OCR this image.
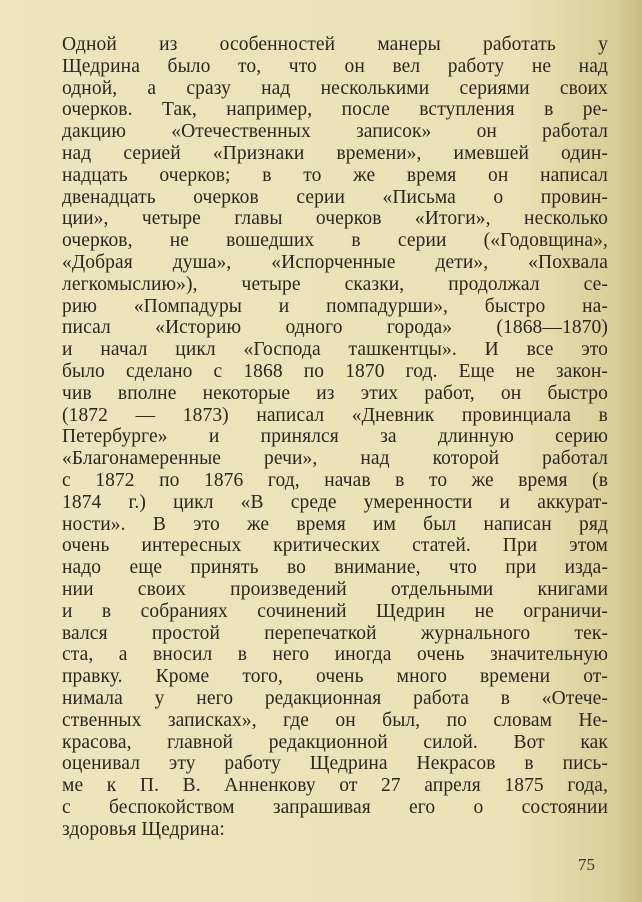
Одной из особенностей манеры работать у
Щедрина было то, что он вел работу не над
одной, а сразу над несколькими сериями своих
очерков. Так, например, после вступления в ре-
дакцию «Отечественных записок» он работал
над серией «Признаки времени», имевшей один-
надцать очерков; в то же время он написал
двенадцать очерков серии «Письма о провин-
ции», четыре главы очерков «Итоги», несколько
очерков, не вошедших в серии («Годовщина»,
«Добрая душа», «Испорченные дети», «Похвала
легкомыслию»), четыре сказки, продолжал се-
рию «Помпадуры и помпадурши», быстро на-
писал «Историю одного города» (1868—1870)
и начал цикл «Господа ташкентцы». И все это
было сделано с 1868 по 1870 год. Еще не закон-
чив вполне некоторые из этих работ, он быстро
(1872 — 1873) написал «Дневник провинциала в
Петербурге» и принялся за длинную серию
«Благонамеренные речи», над которой работал
с 1872 по 1876 год, начав в то же время (в
1874 г.) цикл «В среде умеренности и аккурат-
ности». В это же время им был написан ряд
очень интересных критических статей. При этом
надо еще принять во внимание, что при изда-
нии своих произведений отдельными книгами
и в собраниях сочинений Щедрин не ограничи-
вался простой перепечаткой журнального тек-
ста, а вносил в него иногда очень значительную
правку. Кроме того, очень много времени от-
нимала у него редакционная работа в «Отече-
ственных записках», где он был, по словам Не-
красова, главной редакционной силой. Вот как
оценивал эту работу Щедрина Некрасов в пись-
ме к П. В. Анненкову от 27 апреля 1875 года,
с беспокойством запрашивая его о состоянии
здоровья Щедрина:
75
